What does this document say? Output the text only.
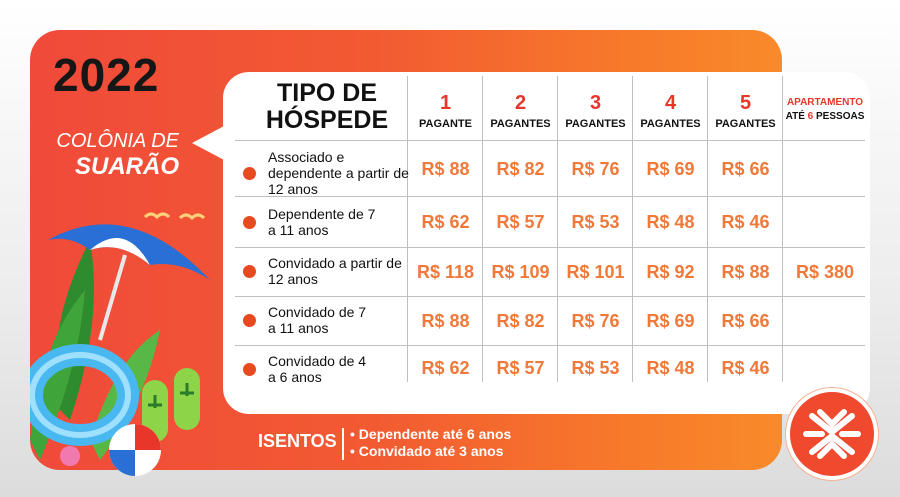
2022
COLÔNIA DE
SUARÃO
TIPO DE
HÓSPEDE
1
PAGANTE
2
PAGANTES
3
PAGANTES
4
PAGANTES
5
PAGANTES
APARTAMENTO
ATÉ 6 PESSOAS
Associado e dependente a partir de 12 anos
R$ 88	R$ 82	R$ 76	R$ 69	R$ 66
Dependente de 7 a 11 anos	R$ 62	R$ 57	R$ 53	R$ 48	R$ 46
Convidado a partir de 12 anos	R$ 118 R$ 109 R$ 101	R$ 92	R$ 88	R$ 380
Convidado de 7 a 11 anos	R$ 88	R$ 82	R$ 76	R$ 69	R$ 66
Convidado de 4 a 6 anos	R$ 62	R$ 57	R$ 53	R$ 48	R$ 46
ISENTOS
•	Dependente até 6 anos
• Convidado até 3 anos
